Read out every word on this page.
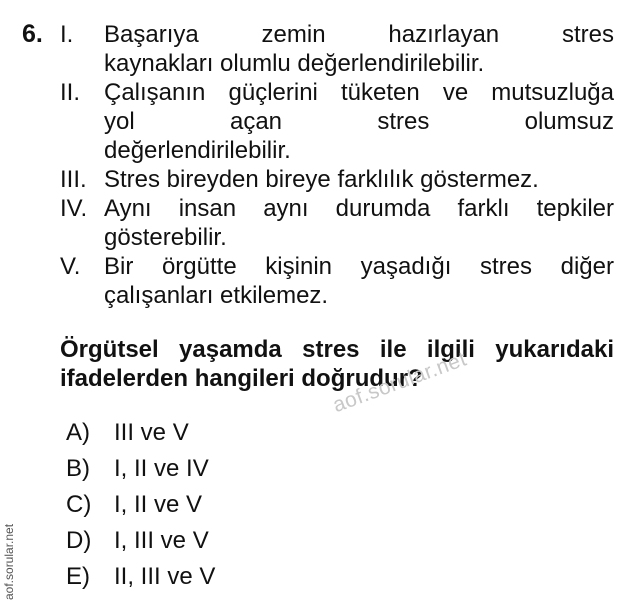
6. I. Başarıya zemin hazırlayan stres
kaynakları olumlu değerlendirilebilir.
II. Çalışanın güçlerini tüketen ve mutsuzluğa
yol açan stres olumsuz
değerlendirilebilir.
III. Stres bireyden bireye farklılık göstermez.
IV. Aynı insan aynı durumda farklı tepkiler
gösterebilir.
V. Bir örgütte kişinin yaşadığı stres diğer
çalışanları etkilemez.
Örgütsel yaşamda stres ile ilgili yukarıdaki
ifadelerden hangileri doğrudur?
aof.sorular.net
A) III ve V
B) I, II ve IV
C) I, II ve V
D) I, III ve V
E) II, III ve V
aof.sorular.net
